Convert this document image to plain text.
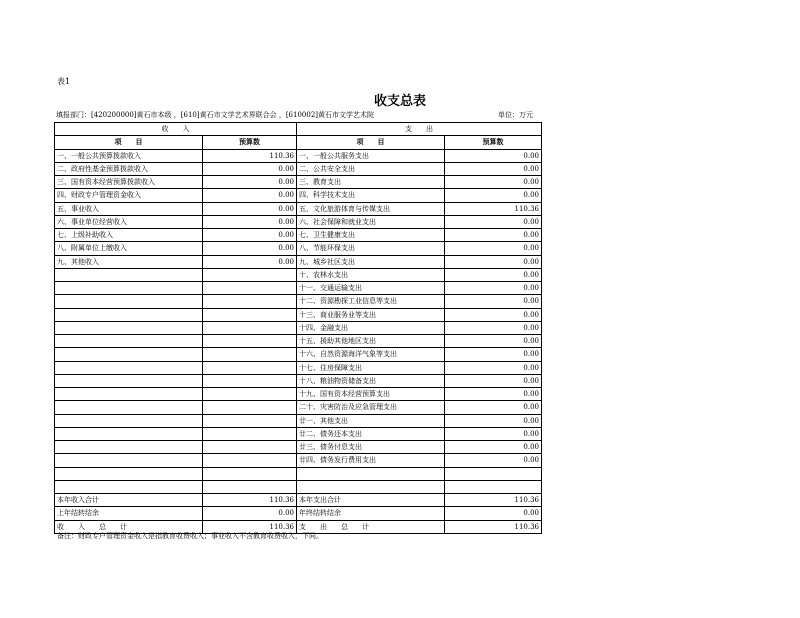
表1
收支总表
填报部门：[420200000]黄石市本级 ，[610]黄石市文学艺术界联合会 ，[610002]黄石市文学艺术院	单位：万元
收　　入		支　　出	
项　　目	预算数	项　　目	预算数
一、一般公共预算拨款收入	110.36	一、一般公共服务支出	0.00
二、政府性基金预算拨款收入	0.00	二、公共安全支出	0.00
三、国有资本经营预算拨款收入	0.00	三、教育支出	0.00
四、财政专户管理资金收入	0.00	四、科学技术支出	0.00
五、事业收入	0.00	五、文化旅游体育与传媒支出	110.36
六、事业单位经营收入	0.00	六、社会保障和就业支出	0.00
七、上级补助收入	0.00	七、卫生健康支出	0.00
八、附属单位上缴收入	0.00	八、节能环保支出	0.00
九、其他收入	0.00	九、城乡社区支出	0.00
		十、农林水支出	0.00
		十一、交通运输支出	0.00
		十二、资源勘探工业信息等支出	0.00
		十三、商业服务业等支出	0.00
		十四、金融支出	0.00
		十五、援助其他地区支出	0.00
		十六、自然资源海洋气象等支出	0.00
		十七、住房保障支出	0.00
		十八、粮油物资储备支出	0.00
		十九、国有资本经营预算支出	0.00
		二十、灾害防治及应急管理支出	0.00
		廿一、其他支出	0.00
		廿二、债务还本支出	0.00
		廿三、债务付息支出	0.00
		廿四、债务发行费用支出	0.00

本年收入合计	110.36	本年支出合计	110.36
上年结转结余	0.00	年终结转结余	0.00
收　　入　　总　　计	110.36	支　　出　　总　　计	110.36
备注：财政专户管理资金收入是指教育收费收入；事业收入不含教育收费收入，下同。
